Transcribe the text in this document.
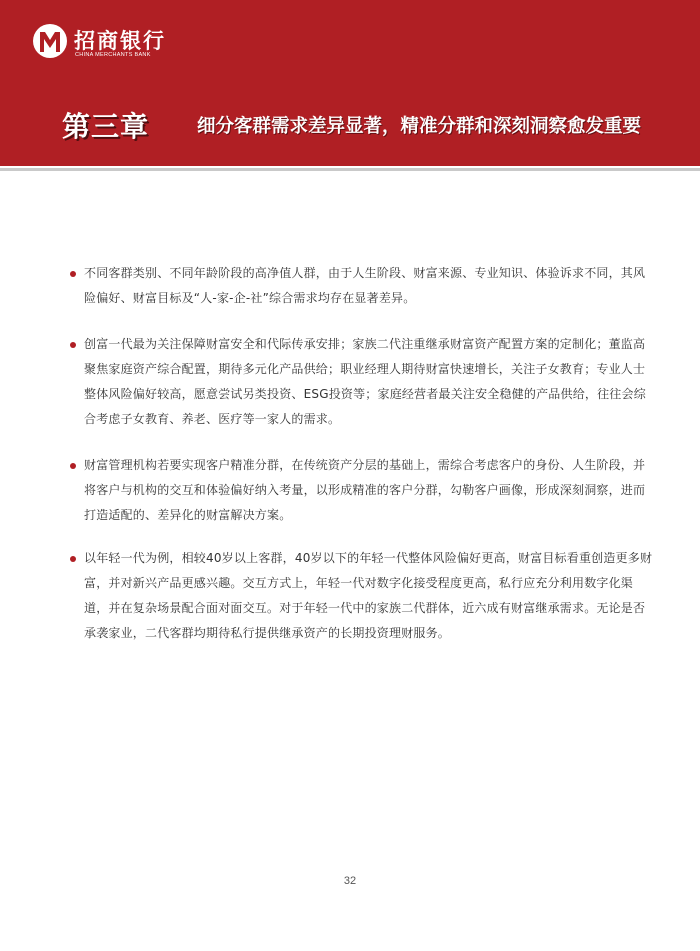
招商银行
CHINA MERCHANTS BANK
第三章	细分客群需求差异显著，精准分群和深刻洞察愈发重要
不同客群类别、不同年龄阶段的高净值人群，由于人生阶段、财富来源、专业知识、体验诉求不同，其风险偏好、财富目标及“人-家-企-社”综合需求均存在显著差异。
创富一代最为关注保障财富安全和代际传承安排；家族二代注重继承财富资产配置方案的定制化；董监高聚焦家庭资产综合配置，期待多元化产品供给；职业经理人期待财富快速增长，关注子女教育；专业人士整体风险偏好较高，愿意尝试另类投资、ESG投资等；家庭经营者最关注安全稳健的产品供给，往往会综合考虑子女教育、养老、医疗等一家人的需求。
财富管理机构若要实现客户精准分群，在传统资产分层的基础上，需综合考虑客户的身份、人生阶段，并将客户与机构的交互和体验偏好纳入考量，以形成精准的客户分群，勾勒客户画像，形成深刻洞察，进而打造适配的、差异化的财富解决方案。
以年轻一代为例，相较40岁以上客群，40岁以下的年轻一代整体风险偏好更高，财富目标看重创造更多财富，并对新兴产品更感兴趣。交互方式上，年轻一代对数字化接受程度更高，私行应充分利用数字化渠道，并在复杂场景配合面对面交互。对于年轻一代中的家族二代群体，近六成有财富继承需求。无论是否承袭家业，二代客群均期待私行提供继承资产的长期投资理财服务。
32
